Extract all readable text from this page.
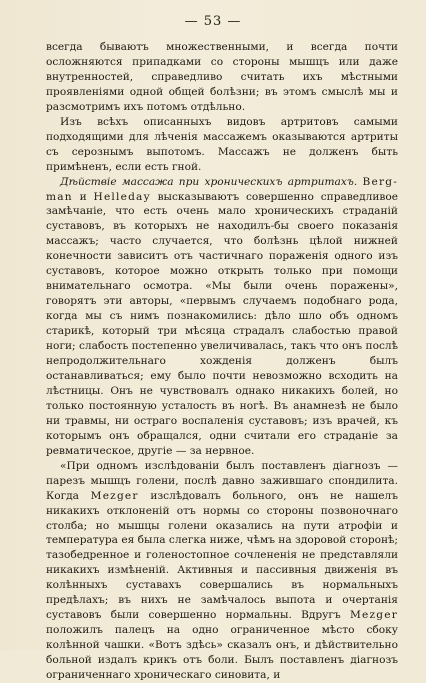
— 53 —

всегда бываютъ множественными, и всегда почти осложняются припадками со стороны мышцъ или даже внутренностей, справедливо считать ихъ мѣстными проявленіями одной общей болѣзни; въ этомъ смыслѣ мы и разсмотримъ ихъ потомъ отдѣльно.

Изъ всѣхъ описанныхъ видовъ артритовъ самыми подходящими для лѣченія массажемъ оказываются артриты съ серознымъ выпотомъ. Массажъ не долженъ быть примѣненъ, если есть гной.

Дѣйствіе массажа при хроническихъ артритахъ. Berg-man и Helleday высказываютъ совершенно справедливое замѣчаніе, что есть очень мало хроническихъ страданій суставовъ, въ которыхъ не находилъ-бы своего показанія массажъ; часто случается, что болѣзнь цѣлой нижней конечности зависитъ отъ частичнаго пораженія одного изъ суставовъ, которое можно открыть только при помощи внимательнаго осмотра. «Мы были очень поражены», говорятъ эти авторы, «первымъ случаемъ подобнаго рода, когда мы съ нимъ познакомились: дѣло шло объ одномъ старикѣ, который три мѣсяца страдалъ слабостью правой ноги; слабость постепенно увеличивалась, такъ что онъ послѣ непродолжительнаго хожденія долженъ былъ останавливаться; ему было почти невозможно всходить на лѣстницы. Онъ не чувствовалъ однако никакихъ болей, но только постоянную усталость въ ногѣ. Въ анамнезѣ не было ни травмы, ни остраго воспаленія суставовъ; изъ врачей, къ которымъ онъ обращался, одни считали его страданіе за ревматическое, другіе — за нервное.

«При одномъ изслѣдованіи былъ поставленъ діагнозъ — парезъ мышцъ голени, послѣ давно зажившаго спондилита. Когда Mezger изслѣдовалъ больного, онъ не нашелъ никакихъ отклоненій отъ нормы со стороны позвоночнаго столба; но мышцы голени оказались на пути атрофіи и температура ея была слегка ниже, чѣмъ на здоровой сторонѣ; тазобедренное и голеностопное сочлененія не представляли никакихъ измѣненій. Активныя и пассивныя движенія въ колѣнныхъ суставахъ совершались въ нормальныхъ предѣлахъ; въ нихъ не замѣчалось выпота и очертанія суставовъ были совершенно нормальны. Вдругъ Mezger положилъ палецъ на одно ограниченное мѣсто сбоку колѣнной чашки. «Вотъ здѣсь» сказалъ онъ, и дѣйствительно больной издалъ крикъ отъ боли. Былъ поставленъ діагнозъ ограниченнаго хроническаго синовита, и
